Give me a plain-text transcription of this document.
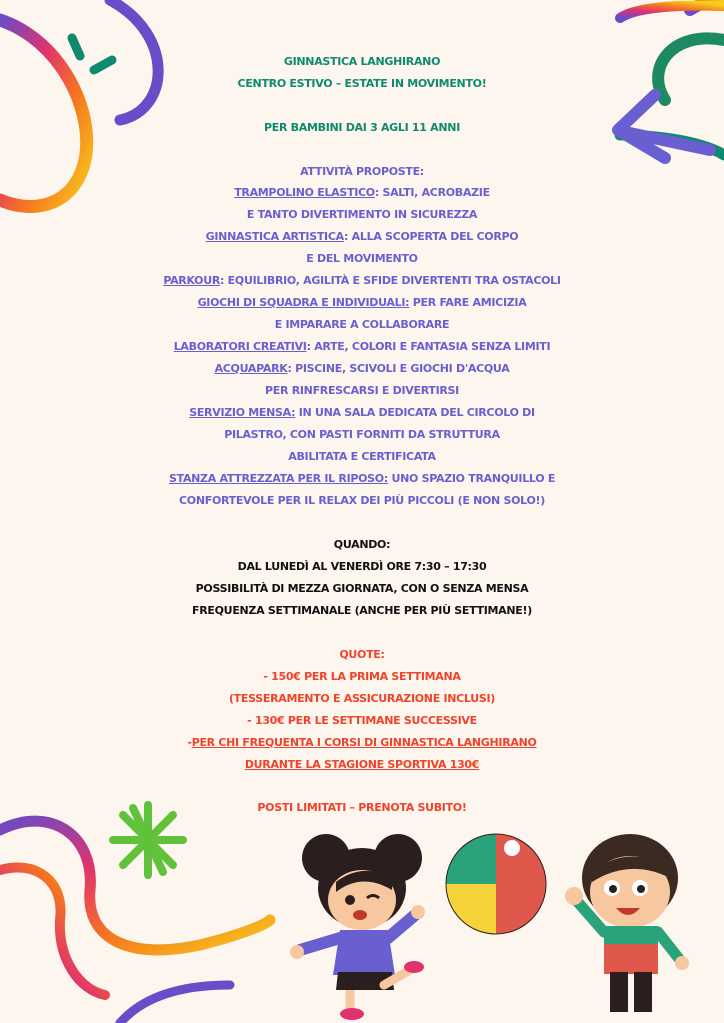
GINNASTICA LANGHIRANO
CENTRO ESTIVO – ESTATE IN MOVIMENTO!
PER BAMBINI DAI 3 AGLI 11 ANNI
ATTIVITÀ PROPOSTE:
TRAMPOLINO ELASTICO: SALTI, ACROBAZIE
E TANTO DIVERTIMENTO IN SICUREZZA
GINNASTICA ARTISTICA: ALLA SCOPERTA DEL CORPO
E DEL MOVIMENTO
PARKOUR: EQUILIBRIO, AGILITÀ E SFIDE DIVERTENTI TRA OSTACOLI
GIOCHI DI SQUADRA E INDIVIDUALI: PER FARE AMICIZIA
E IMPARARE A COLLABORARE
LABORATORI CREATIVI: ARTE, COLORI E FANTASIA SENZA LIMITI
ACQUAPARK: PISCINE, SCIVOLI E GIOCHI D'ACQUA
PER RINFRESCARSI E DIVERTIRSI
SERVIZIO MENSA: IN UNA SALA DEDICATA DEL CIRCOLO DI
PILASTRO, CON PASTI FORNITI DA STRUTTURA
ABILITATA E CERTIFICATA
STANZA ATTREZZATA PER IL RIPOSO: UNO SPAZIO TRANQUILLO E
CONFORTEVOLE PER IL RELAX DEI PIÙ PICCOLI (E NON SOLO!)
QUANDO:
DAL LUNEDÌ AL VENERDÌ ORE 7:30 – 17:30
POSSIBILITÀ DI MEZZA GIORNATA, CON O SENZA MENSA
FREQUENZA SETTIMANALE (ANCHE PER PIÙ SETTIMANE!)
QUOTE:
- 150€ PER LA PRIMA SETTIMANA
(TESSERAMENTO E ASSICURAZIONE INCLUSI)
- 130€ PER LE SETTIMANE SUCCESSIVE
-PER CHI FREQUENTA I CORSI DI GINNASTICA LANGHIRANO
DURANTE LA STAGIONE SPORTIVA 130€
POSTI LIMITATI – PRENOTA SUBITO!
